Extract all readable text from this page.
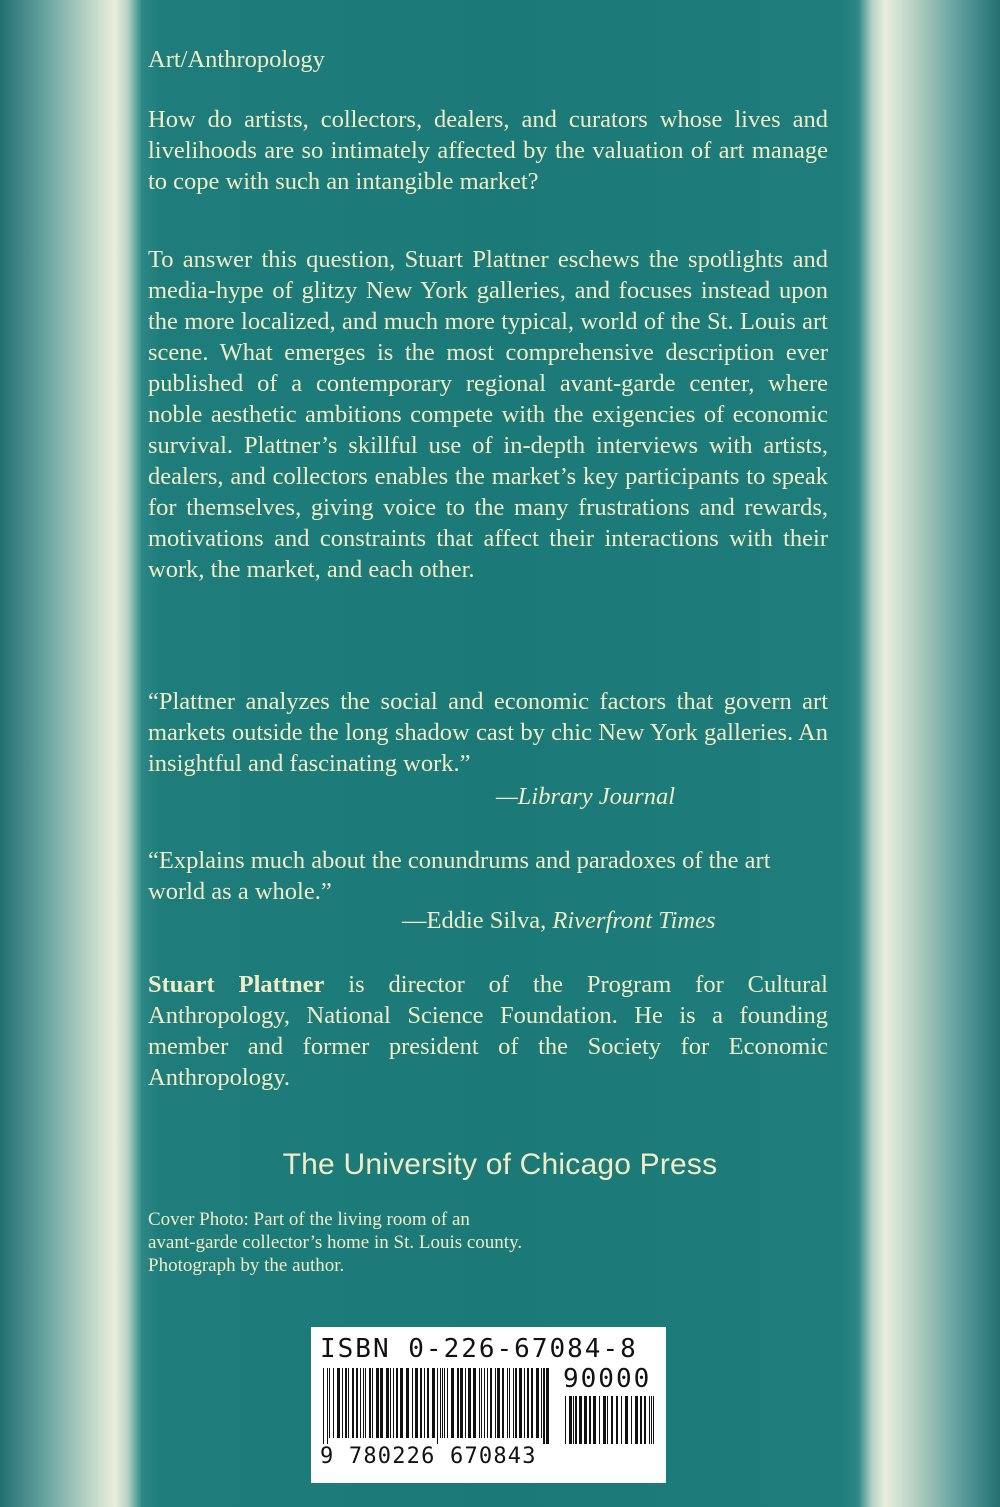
Art/Anthropology
How do artists, collectors, dealers, and curators whose lives and livelihoods are so intimately affected by the valuation of art manage to cope with such an intangible market?
To answer this question, Stuart Plattner eschews the spotlights and media-hype of glitzy New York galleries, and focuses instead upon the more localized, and much more typical, world of the St. Louis art scene. What emerges is the most comprehensive description ever published of a contemporary regional avant-garde center, where noble aesthetic ambitions compete with the exigencies of economic survival. Plattner’s skillful use of in-depth interviews with artists, dealers, and collectors enables the market’s key participants to speak for themselves, giving voice to the many frustrations and rewards, motivations and constraints that affect their interactions with their work, the market, and each other.
“Plattner analyzes the social and economic factors that govern art markets outside the long shadow cast by chic New York galleries. An insightful and fascinating work.”
—Library Journal
“Explains much about the conundrums and paradoxes of the art world as a whole.”
—Eddie Silva, Riverfront Times
Stuart Plattner is director of the Program for Cultural Anthropology, National Science Foundation. He is a founding member and former president of the Society for Economic Anthropology.
The University of Chicago Press
Cover Photo: Part of the living room of an
avant-garde collector’s home in St. Louis county.
Photograph by the author.
ISBN 0-226-67084-8
90000
9 780226 670843
